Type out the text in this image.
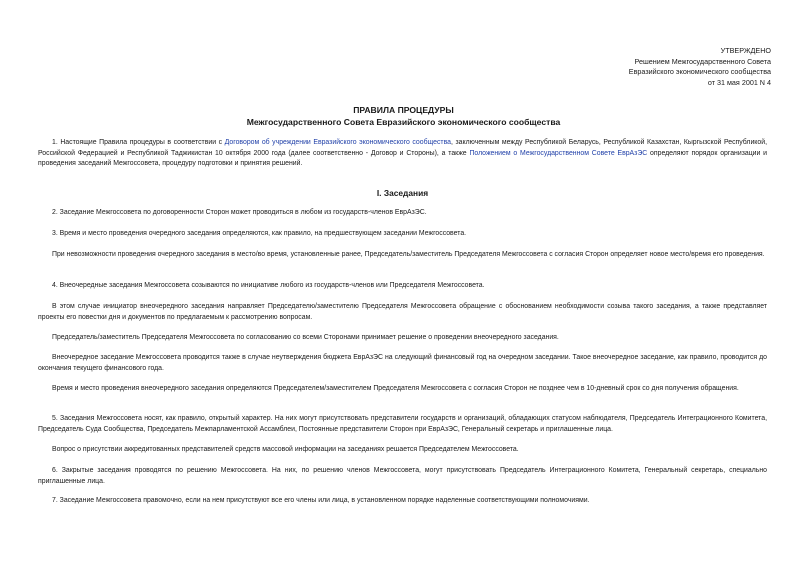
УТВЕРЖДЕНО
Решением Межгосударственного Совета
Евразийского экономического сообщества
от 31 мая 2001 N 4
ПРАВИЛА ПРОЦЕДУРЫ
Межгосударственного Совета Евразийского экономического сообщества

1. Настоящие Правила процедуры в соответствии с Договором об учреждении Евразийского экономического сообщества, заключенным между Республикой Беларусь, Республикой Казахстан, Кыргызской Республикой, Российской Федерацией и Республикой Таджикистан 10 октября 2000 года (далее соответственно - Договор и Стороны), а также Положением о Межгосударственном Совете ЕврАзЭС определяют порядок организации и проведения заседаний Межгоссовета, процедуру подготовки и принятия решений.

I. Заседания

2. Заседание Межгоссовета по договоренности Сторон может проводиться в любом из государств-членов ЕврАзЭС.

3. Время и место проведения очередного заседания определяются, как правило, на предшествующем заседании Межгоссовета.

При невозможности проведения очередного заседания в место/во время, установленные ранее, Председатель/заместитель Председателя Межгоссовета с согласия Сторон определяет новое место/время его проведения.

4. Внеочередные заседания Межгоссовета созываются по инициативе любого из государств-членов или Председателя Межгоссовета.

В этом случае инициатор внеочередного заседания направляет Председателю/заместителю Председателя Межгоссовета обращение с обоснованием необходимости созыва такого заседания, а также представляет проекты его повестки дня и документов по предлагаемым к рассмотрению вопросам.

Председатель/заместитель Председателя Межгоссовета по согласованию со всеми Сторонами принимает решение о проведении внеочередного заседания.

Внеочередное заседание Межгоссовета проводится также в случае неутверждения бюджета ЕврАзЭС на следующий финансовый год на очередном заседании. Такое внеочередное заседание, как правило, проводится до окончания текущего финансового года.

Время и место проведения внеочередного заседания определяются Председателем/заместителем Председателя Межгоссовета с согласия Сторон не позднее чем в 10-дневный срок со дня получения обращения.

5. Заседания Межгоссовета носят, как правило, открытый характер. На них могут присутствовать представители государств и организаций, обладающих статусом наблюдателя, Председатель Интеграционного Комитета, Председатель Суда Сообщества, Председатель Межпарламентской Ассамблеи, Постоянные представители Сторон при ЕврАзЭС, Генеральный секретарь и приглашенные лица.

Вопрос о присутствии аккредитованных представителей средств массовой информации на заседаниях решается Председателем Межгоссовета.

6. Закрытые заседания проводятся по решению Межгоссовета. На них, по решению членов Межгоссовета, могут присутствовать Председатель Интеграционного Комитета, Генеральный секретарь, специально приглашенные лица.

7. Заседание Межгоссовета правомочно, если на нем присутствуют все его члены или лица, в установленном порядке наделенные соответствующими полномочиями.
